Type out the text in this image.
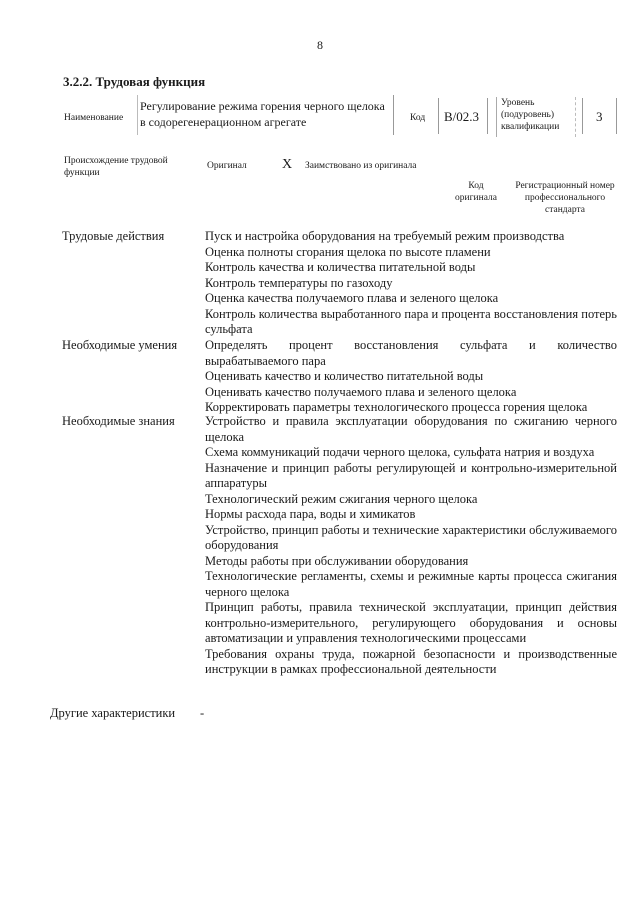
8
3.2.2. Трудовая функция
Наименование
Регулирование режима горения черного щелока в содорегенерационном агрегате	Код B/02.3
Уровень (подуровень) квалификации
3
Происхождение трудовой функции
Оригинал	X Заимствовано из оригинала
Код оригинала
Регистрационный номер профессионального стандарта
Трудовые действия	Пуск и настройка оборудования на требуемый режим производства
Оценка полноты сгорания щелока по высоте пламени
Контроль качества и количества питательной воды
Контроль температуры по газоходу
Оценка качества получаемого плава и зеленого щелока
Контроль количества выработанного пара и процента восстановления потерь сульфата
Необходимые умения	Определять процент восстановления сульфата и количество вырабатываемого пара
Оценивать качество и количество питательной воды
Оценивать качество получаемого плава и зеленого щелока
Корректировать параметры технологического процесса горения щелока
Необходимые знания	Устройство и правила эксплуатации оборудования по сжиганию черного щелока
Схема коммуникаций подачи черного щелока, сульфата натрия и воздуха
Назначение и принцип работы регулирующей и контрольно-измерительной аппаратуры
Технологический режим сжигания черного щелока
Нормы расхода пара, воды и химикатов
Устройство, принцип работы и технические характеристики обслуживаемого оборудования
Методы работы при обслуживании оборудования
Технологические регламенты, схемы и режимные карты процесса сжигания черного щелока
Принцип работы, правила технической эксплуатации, принцип действия контрольно-измерительного, регулирующего оборудования и основы автоматизации и управления технологическими процессами
Требования охраны труда, пожарной безопасности и производственные инструкции в рамках профессиональной деятельности
Другие характеристики -
